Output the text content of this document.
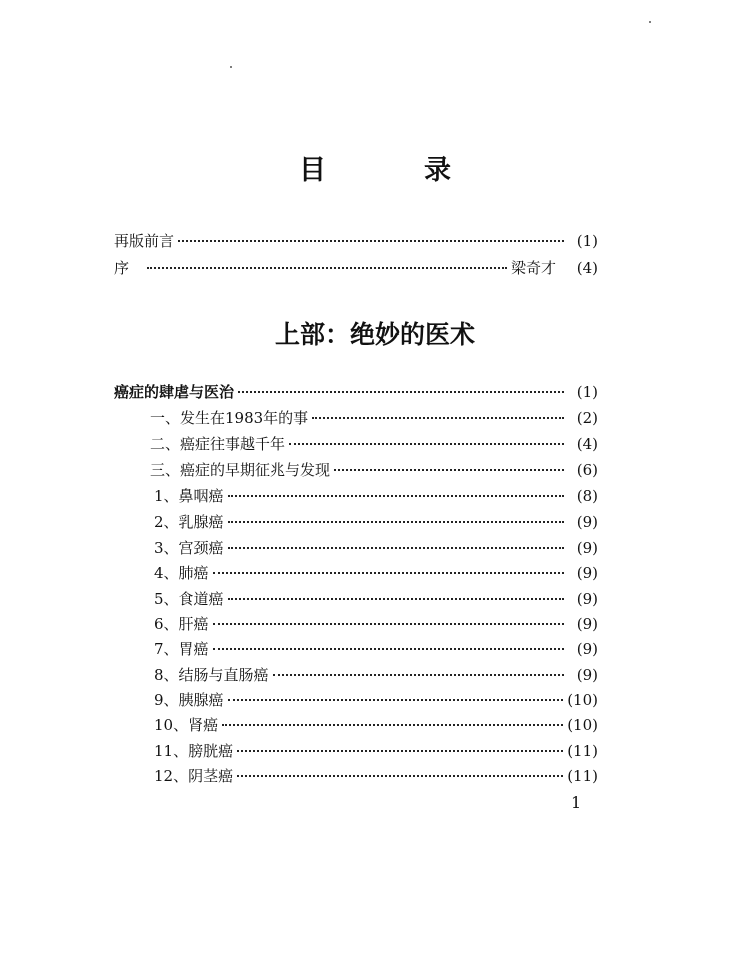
目	录
再版前言	(1)
序	梁奇才	(4)
上部：绝妙的医术
癌症的肆虐与医治	(1)
一、发生在1983年的事	(2)
二、癌症往事越千年	(4)
三、癌症的早期征兆与发现	(6)
1、鼻咽癌	(8)
2、乳腺癌	(9)
3、宫颈癌	(9)
4、肺癌	(9)
5、食道癌	(9)
6、肝癌	(9)
7、胃癌	(9)
8、结肠与直肠癌	(9)
9、胰腺癌	(10)
10、肾癌	(10)
11、膀胱癌	(11)
12、阴茎癌	(11)
1
